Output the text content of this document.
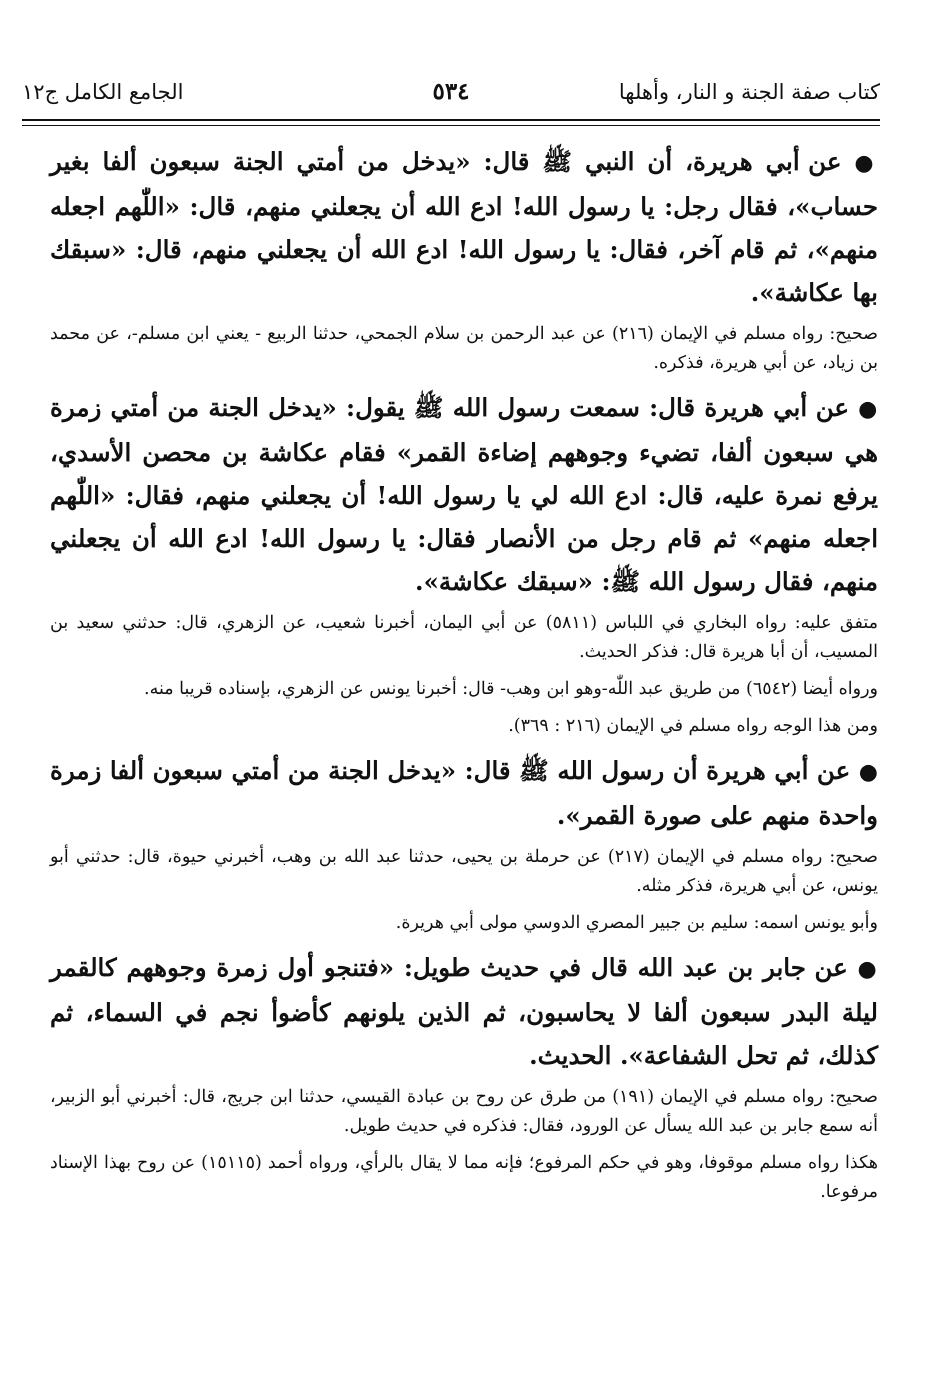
كتاب صفة الجنة و النار، وأهلها
٥٣٤
الجامع الكامل ج١٢

● عن أبي هريرة، أن النبي ﷺ قال: «يدخل من أمتي الجنة سبعون ألفا بغير حساب»، فقال رجل: يا رسول الله! ادع الله أن يجعلني منهم، قال: «اللّٰهم اجعله منهم»، ثم قام آخر، فقال: يا رسول الله! ادع الله أن يجعلني منهم، قال: «سبقك بها عكاشة».

صحيح: رواه مسلم في الإيمان (٢١٦) عن عبد الرحمن بن سلام الجمحي، حدثنا الربيع - يعني ابن مسلم-، عن محمد بن زياد، عن أبي هريرة، فذكره.

● عن أبي هريرة قال: سمعت رسول الله ﷺ يقول: «يدخل الجنة من أمتي زمرة هي سبعون ألفا، تضيء وجوههم إضاءة القمر» فقام عكاشة بن محصن الأسدي، يرفع نمرة عليه، قال: ادع الله لي يا رسول الله! أن يجعلني منهم، فقال: «اللّٰهم اجعله منهم» ثم قام رجل من الأنصار فقال: يا رسول الله! ادع الله أن يجعلني منهم، فقال رسول الله ﷺ: «سبقك عكاشة».

متفق عليه: رواه البخاري في اللباس (٥٨١١) عن أبي اليمان، أخبرنا شعيب، عن الزهري، قال: حدثني سعيد بن المسيب، أن أبا هريرة قال: فذكر الحديث.

ورواه أيضا (٦٥٤٢) من طريق عبد اللّٰه-وهو ابن وهب- قال: أخبرنا يونس عن الزهري، بإسناده قريبا منه.

ومن هذا الوجه رواه مسلم في الإيمان (٢١٦ : ٣٦٩).

● عن أبي هريرة أن رسول الله ﷺ قال: «يدخل الجنة من أمتي سبعون ألفا زمرة واحدة منهم على صورة القمر».

صحيح: رواه مسلم في الإيمان (٢١٧) عن حرملة بن يحيى، حدثنا عبد الله بن وهب، أخبرني حيوة، قال: حدثني أبو يونس، عن أبي هريرة، فذكر مثله.

وأبو يونس اسمه: سليم بن جبير المصري الدوسي مولى أبي هريرة.

● عن جابر بن عبد الله قال في حديث طويل: «فتنجو أول زمرة وجوههم كالقمر ليلة البدر سبعون ألفا لا يحاسبون، ثم الذين يلونهم كأضوأ نجم في السماء، ثم كذلك، ثم تحل الشفاعة». الحديث.

صحيح: رواه مسلم في الإيمان (١٩١) من طرق عن روح بن عبادة القيسي، حدثنا ابن جريج، قال: أخبرني أبو الزبير، أنه سمع جابر بن عبد الله يسأل عن الورود، فقال: فذكره في حديث طويل.

هكذا رواه مسلم موقوفا، وهو في حكم المرفوع؛ فإنه مما لا يقال بالرأي، ورواه أحمد (١٥١١٥) عن روح بهذا الإسناد مرفوعا.
